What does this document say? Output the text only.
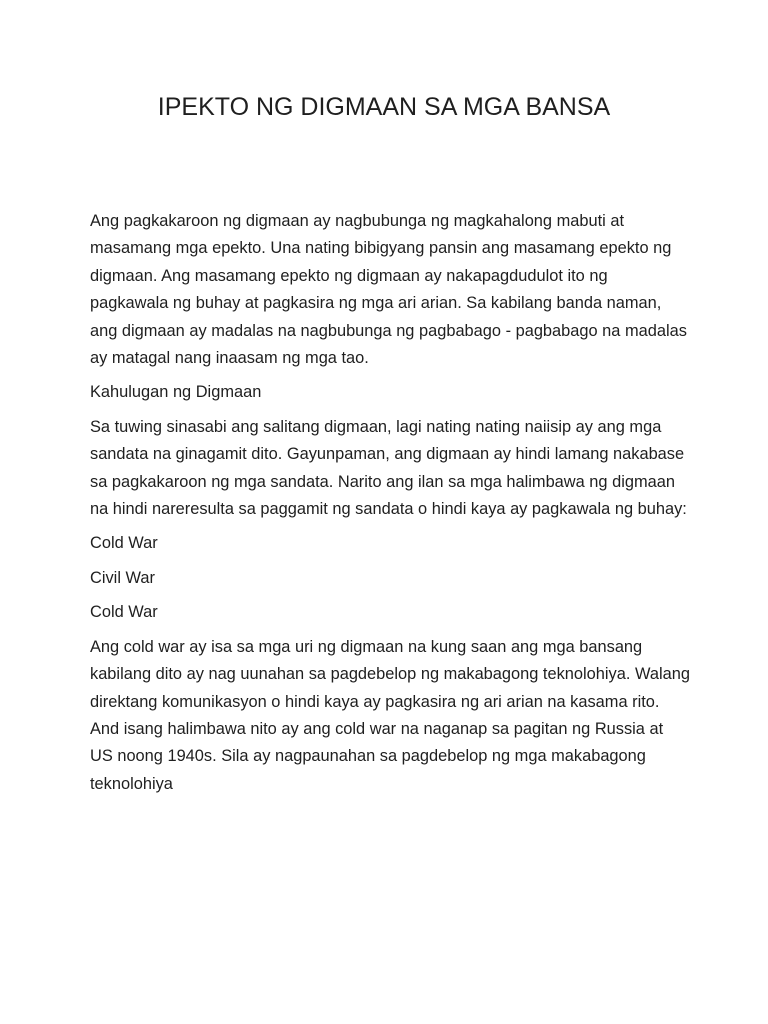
IPEKTO NG DIGMAAN SA MGA BANSA

Ang pagkakaroon ng digmaan ay nagbubunga ng magkahalong mabuti at masamang mga epekto. Una nating bibigyang pansin ang masamang epekto ng digmaan. Ang masamang epekto ng digmaan ay nakapagdudulot ito ng pagkawala ng buhay at pagkasira ng mga ari arian. Sa kabilang banda naman, ang digmaan ay madalas na nagbubunga ng pagbabago - pagbabago na madalas ay matagal nang inaasam ng mga tao.

Kahulugan ng Digmaan

Sa tuwing sinasabi ang salitang digmaan, lagi nating nating naiisip ay ang mga sandata na ginagamit dito. Gayunpaman, ang digmaan ay hindi lamang nakabase sa pagkakaroon ng mga sandata. Narito ang ilan sa mga halimbawa ng digmaan na hindi nareresulta sa paggamit ng sandata o hindi kaya ay pagkawala ng buhay:

Cold War

Civil War

Cold War

Ang cold war ay isa sa mga uri ng digmaan na kung saan ang mga bansang kabilang dito ay nag uunahan sa pagdebelop ng makabagong teknolohiya. Walang direktang komunikasyon o hindi kaya ay pagkasira ng ari arian na kasama rito. And isang halimbawa nito ay ang cold war na naganap sa pagitan ng Russia at US noong 1940s. Sila ay nagpaunahan sa pagdebelop ng mga makabagong teknolohiya
